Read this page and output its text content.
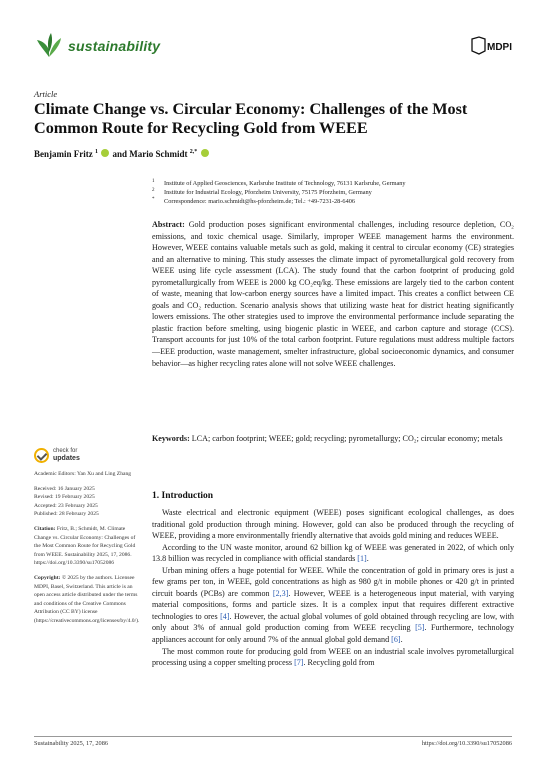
sustainability	MDPI
Article
Climate Change vs. Circular Economy: Challenges of the Most Common Route for Recycling Gold from WEEE
Benjamin Fritz $^1$ and Mario Schmidt $^{2,*}$
1 Institute of Applied Geosciences, Karlsruhe Institute of Technology, 76131 Karlsruhe, Germany
2 Institute for Industrial Ecology, Pforzheim University, 75175 Pforzheim, Germany
* Correspondence: mario.schmidt@hs-pforzheim.de; Tel.: +49-7231-28-6406
Abstract: Gold production poses significant environmental challenges, including resource depletion, CO₂ emissions, and toxic chemical usage. Similarly, improper WEEE management harms the environment. However, WEEE contains valuable metals such as gold, making it central to circular economy (CE) strategies and an alternative to mining. This study assesses the climate impact of pyrometallurgical gold recovery from WEEE using life cycle assessment (LCA). The study found that the carbon footprint of producing gold pyrometallurgically from WEEE is 2000 kg CO₂eq/kg. These emissions are largely tied to the carbon content of waste, meaning that low-carbon energy sources have a limited impact. This creates a conflict between CE goals and CO₂ reduction. Scenario analysis shows that utilizing waste heat for district heating significantly lowers emissions. The other strategies used to improve the environmental performance include separating the plastic fraction before smelting, using biogenic plastic in WEEE, and carbon capture and storage (CCS). Transport accounts for just 10% of the total carbon footprint. Future regulations must address multiple factors—EEE production, waste management, smelter infrastructure, global socioeconomic dynamics, and consumer behavior—as higher recycling rates alone will not solve WEEE challenges.
Keywords: LCA; carbon footprint; WEEE; gold; recycling; pyrometallurgy; CO₂; circular economy; metals
check for
updates
Academic Editors: Yan Xu and Ling Zhang
Received: 16 January 2025
Revised: 19 February 2025
Accepted: 23 February 2025
Published: 28 February 2025
Citation: Fritz, B.; Schmidt, M. Climate Change vs. Circular Economy: Challenges of the Most Common Route for Recycling Gold from WEEE. Sustainability 2025, 17, 2086. https://doi.org/10.3390/su17052086
Copyright: © 2025 by the authors. Licensee MDPI, Basel, Switzerland. This article is an open access article distributed under the terms and conditions of the Creative Commons Attribution (CC BY) license (https://creativecommons.org/licenses/by/4.0/).
1. Introduction

Waste electrical and electronic equipment (WEEE) poses significant ecological challenges, as does traditional gold production through mining. However, gold can also be produced through the recycling of WEEE, providing a more environmentally friendly alternative that avoids gold mining and reduces WEEE.

According to the UN waste monitor, around 62 billion kg of WEEE was generated in 2022, of which only 13.8 billion was recycled in compliance with official standards [1].

Urban mining offers a huge potential for WEEE. While the concentration of gold in primary ores is just a few grams per ton, in WEEE, gold concentrations as high as 980 g/t in mobile phones or 420 g/t in printed circuit boards (PCBs) are common [2,3]. However, WEEE is a heterogeneous input material, with varying material compositions, forms and particle sizes. It is a complex input that requires different extractive technologies to ores [4]. However, the actual global volumes of gold obtained through recycling are low, with only about 3% of annual gold production coming from WEEE recycling [5]. Furthermore, technology appliances account for only around 7% of the annual global gold demand [6].

The most common route for producing gold from WEEE on an industrial scale involves pyrometallurgical processing using a copper smelting process [7]. Recycling gold from

Sustainability 2025, 17, 2086	https://doi.org/10.3390/su17052086
